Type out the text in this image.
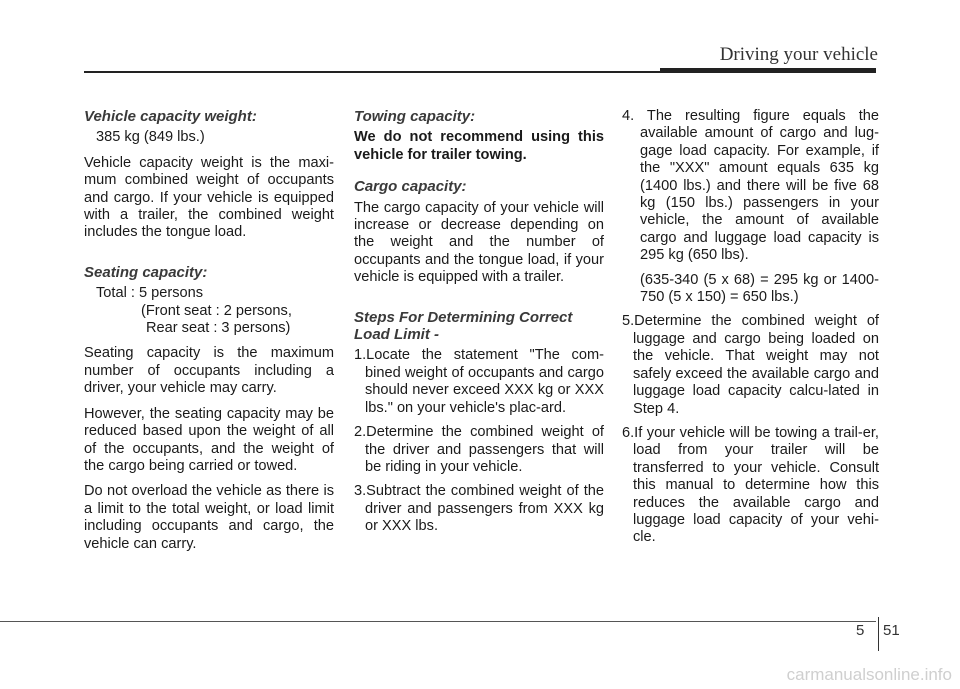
Driving your vehicle
Vehicle capacity weight:
385 kg (849 lbs.)

Vehicle capacity weight is the maxi-mum combined weight of occupants and cargo. If your vehicle is equipped with a trailer, the combined weight includes the tongue load.

Seating capacity:
Total : 5 persons
(Front seat : 2 persons,
Rear seat : 3 persons)

Seating capacity is the maximum number of occupants including a driver, your vehicle may carry.

However, the seating capacity may be reduced based upon the weight of all of the occupants, and the weight of the cargo being carried or towed.

Do not overload the vehicle as there is a limit to the total weight, or load limit including occupants and cargo, the vehicle can carry.

Towing capacity:

We do not recommend using this vehicle for trailer towing.

Cargo capacity:

The cargo capacity of your vehicle will increase or decrease depending on the weight and the number of occupants and the tongue load, if your vehicle is equipped with a trailer.

Steps For Determining Correct Load Limit -

1.Locate the statement "The com-bined weight of occupants and cargo should never exceed XXX kg or XXX lbs." on your vehicle's plac-ard.

2.Determine the combined weight of the driver and passengers that will be riding in your vehicle.

3.Subtract the combined weight of the driver and passengers from XXX kg or XXX lbs.

4. The resulting figure equals the available amount of cargo and lug-gage load capacity. For example, if the "XXX" amount equals 635 kg (1400 lbs.) and there will be five 68 kg (150 lbs.) passengers in your vehicle, the amount of available cargo and luggage load capacity is 295 kg (650 lbs).

(635-340 (5 x 68) = 295 kg or 1400-750 (5 x 150) = 650 lbs.)

5.Determine the combined weight of luggage and cargo being loaded on the vehicle. That weight may not safely exceed the available cargo and luggage load capacity calcu-lated in Step 4.

6.If your vehicle will be towing a trail-er, load from your trailer will be transferred to your vehicle. Consult this manual to determine how this reduces the available cargo and luggage load capacity of your vehi-cle.

5 51
carmanualsonline.info
